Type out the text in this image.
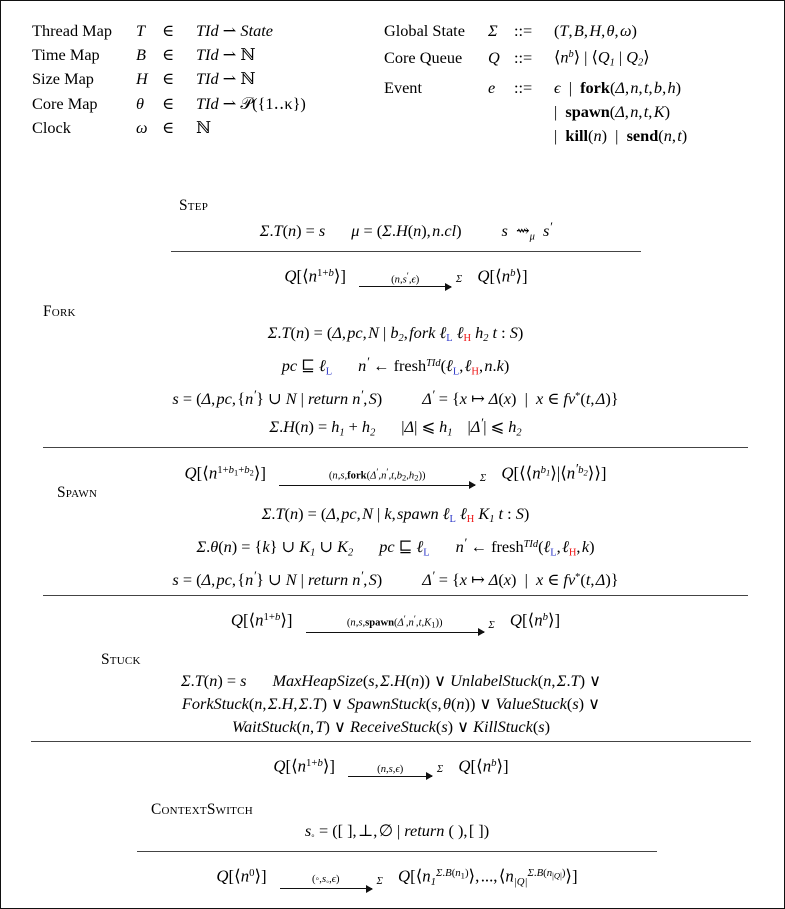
Thread Map	T	∈	TId ⇀ State
Time Map	B ∈	TId ⇀ ℕ
Size Map	H ∈	TId ⇀ ℕ
Core Map	θ	∈	TId ⇀ 𝒫({1‥κ})
Clock	ω ∈	ℕ
Global State	Σ	::=	(T, B, H, θ, ω)
Core Queue	Q ::=	$⟨n^b⟩$ | $⟨Q_1$ | $Q_2⟩$
Event	e	::=	ϵ  |  fork(Δ, n, t, b, h)
|  spawn(Δ, n, t, K)
|  kill(n)  |  send(n, t)
Step
Σ.T(n) = s μ = (Σ.H(n), n.cl) s  $⇝_\mu$ s′
$Q[⟨n^{1+b}⟩]$	(n,s′,ϵ)	Σ $Q[⟨n^b⟩]$
Fork
Σ.T(n) = (Δ, pc, N | $b_2$, fork ℓL ℓH $h_2$ t : S)
pc ⊑ ℓL n′ ← fresh$^{TId}$(ℓL, ℓH, n.k)
s = (Δ, pc, {n′} ∪ N | return n′, S) Δ′ = {x ↦ Δ(x)  |  x ∈ fv*(t, Δ)}
$\Sigma.H(n) = h_1 + h_2$ |Δ| ⩽ $h_1$ |Δ′| ⩽ $h_2$
$Q[⟨n^{1+b_1+b_2}⟩]$	$(n,s,fork(\Delta',n',t,b_2,h_2))$	Σ $Q[⟨⟨n^{b_1}⟩|⟨n^{'b_2}⟩⟩]$
Spawn
Σ.T(n) = (Δ, pc, N | k, spawn ℓL ℓH $K_1$ t : S)
Σ.θ(n) = {k} ∪ $K_1$ ∪ $K_2$ pc ⊑ ℓL n′ ← fresh$^{TId}$(ℓL, ℓH, k)
s = (Δ, pc, {n′} ∪ N | return n′, S) Δ′ = {x ↦ Δ(x)  |  x ∈ fv*(t, Δ)}
$Q[⟨n^{1+b}⟩]$	$(n,s,spawn(\Delta',n',t,K_1))$	Σ $Q[⟨n^b⟩]$
Stuck
Σ.T(n) = s MaxHeapSize(s, Σ.H(n)) ∨ UnlabelStuck(n, Σ.T) ∨
ForkStuck(n, Σ.H, Σ.T) ∨ SpawnStuck(s, θ(n)) ∨ ValueStuck(s) ∨
WaitStuck(n, T) ∨ ReceiveStuck(s) ∨ KillStuck(s)
$Q[⟨n^{1+b}⟩]$	(n,s,ϵ)	Σ $Q[⟨n^b⟩]$
ContextSwitch
s◦ = ([ ], ⊥, ∅ | return ( ), [ ])
$Q[⟨n^0⟩]$	$(◦,s_◦,\epsilon)$	Σ $Q[⟨n_1^{\Sigma.B(n_1)}⟩$, ..., $⟨n_{|Q|}^{\Sigma.B(n_{|Q|})}⟩$]
